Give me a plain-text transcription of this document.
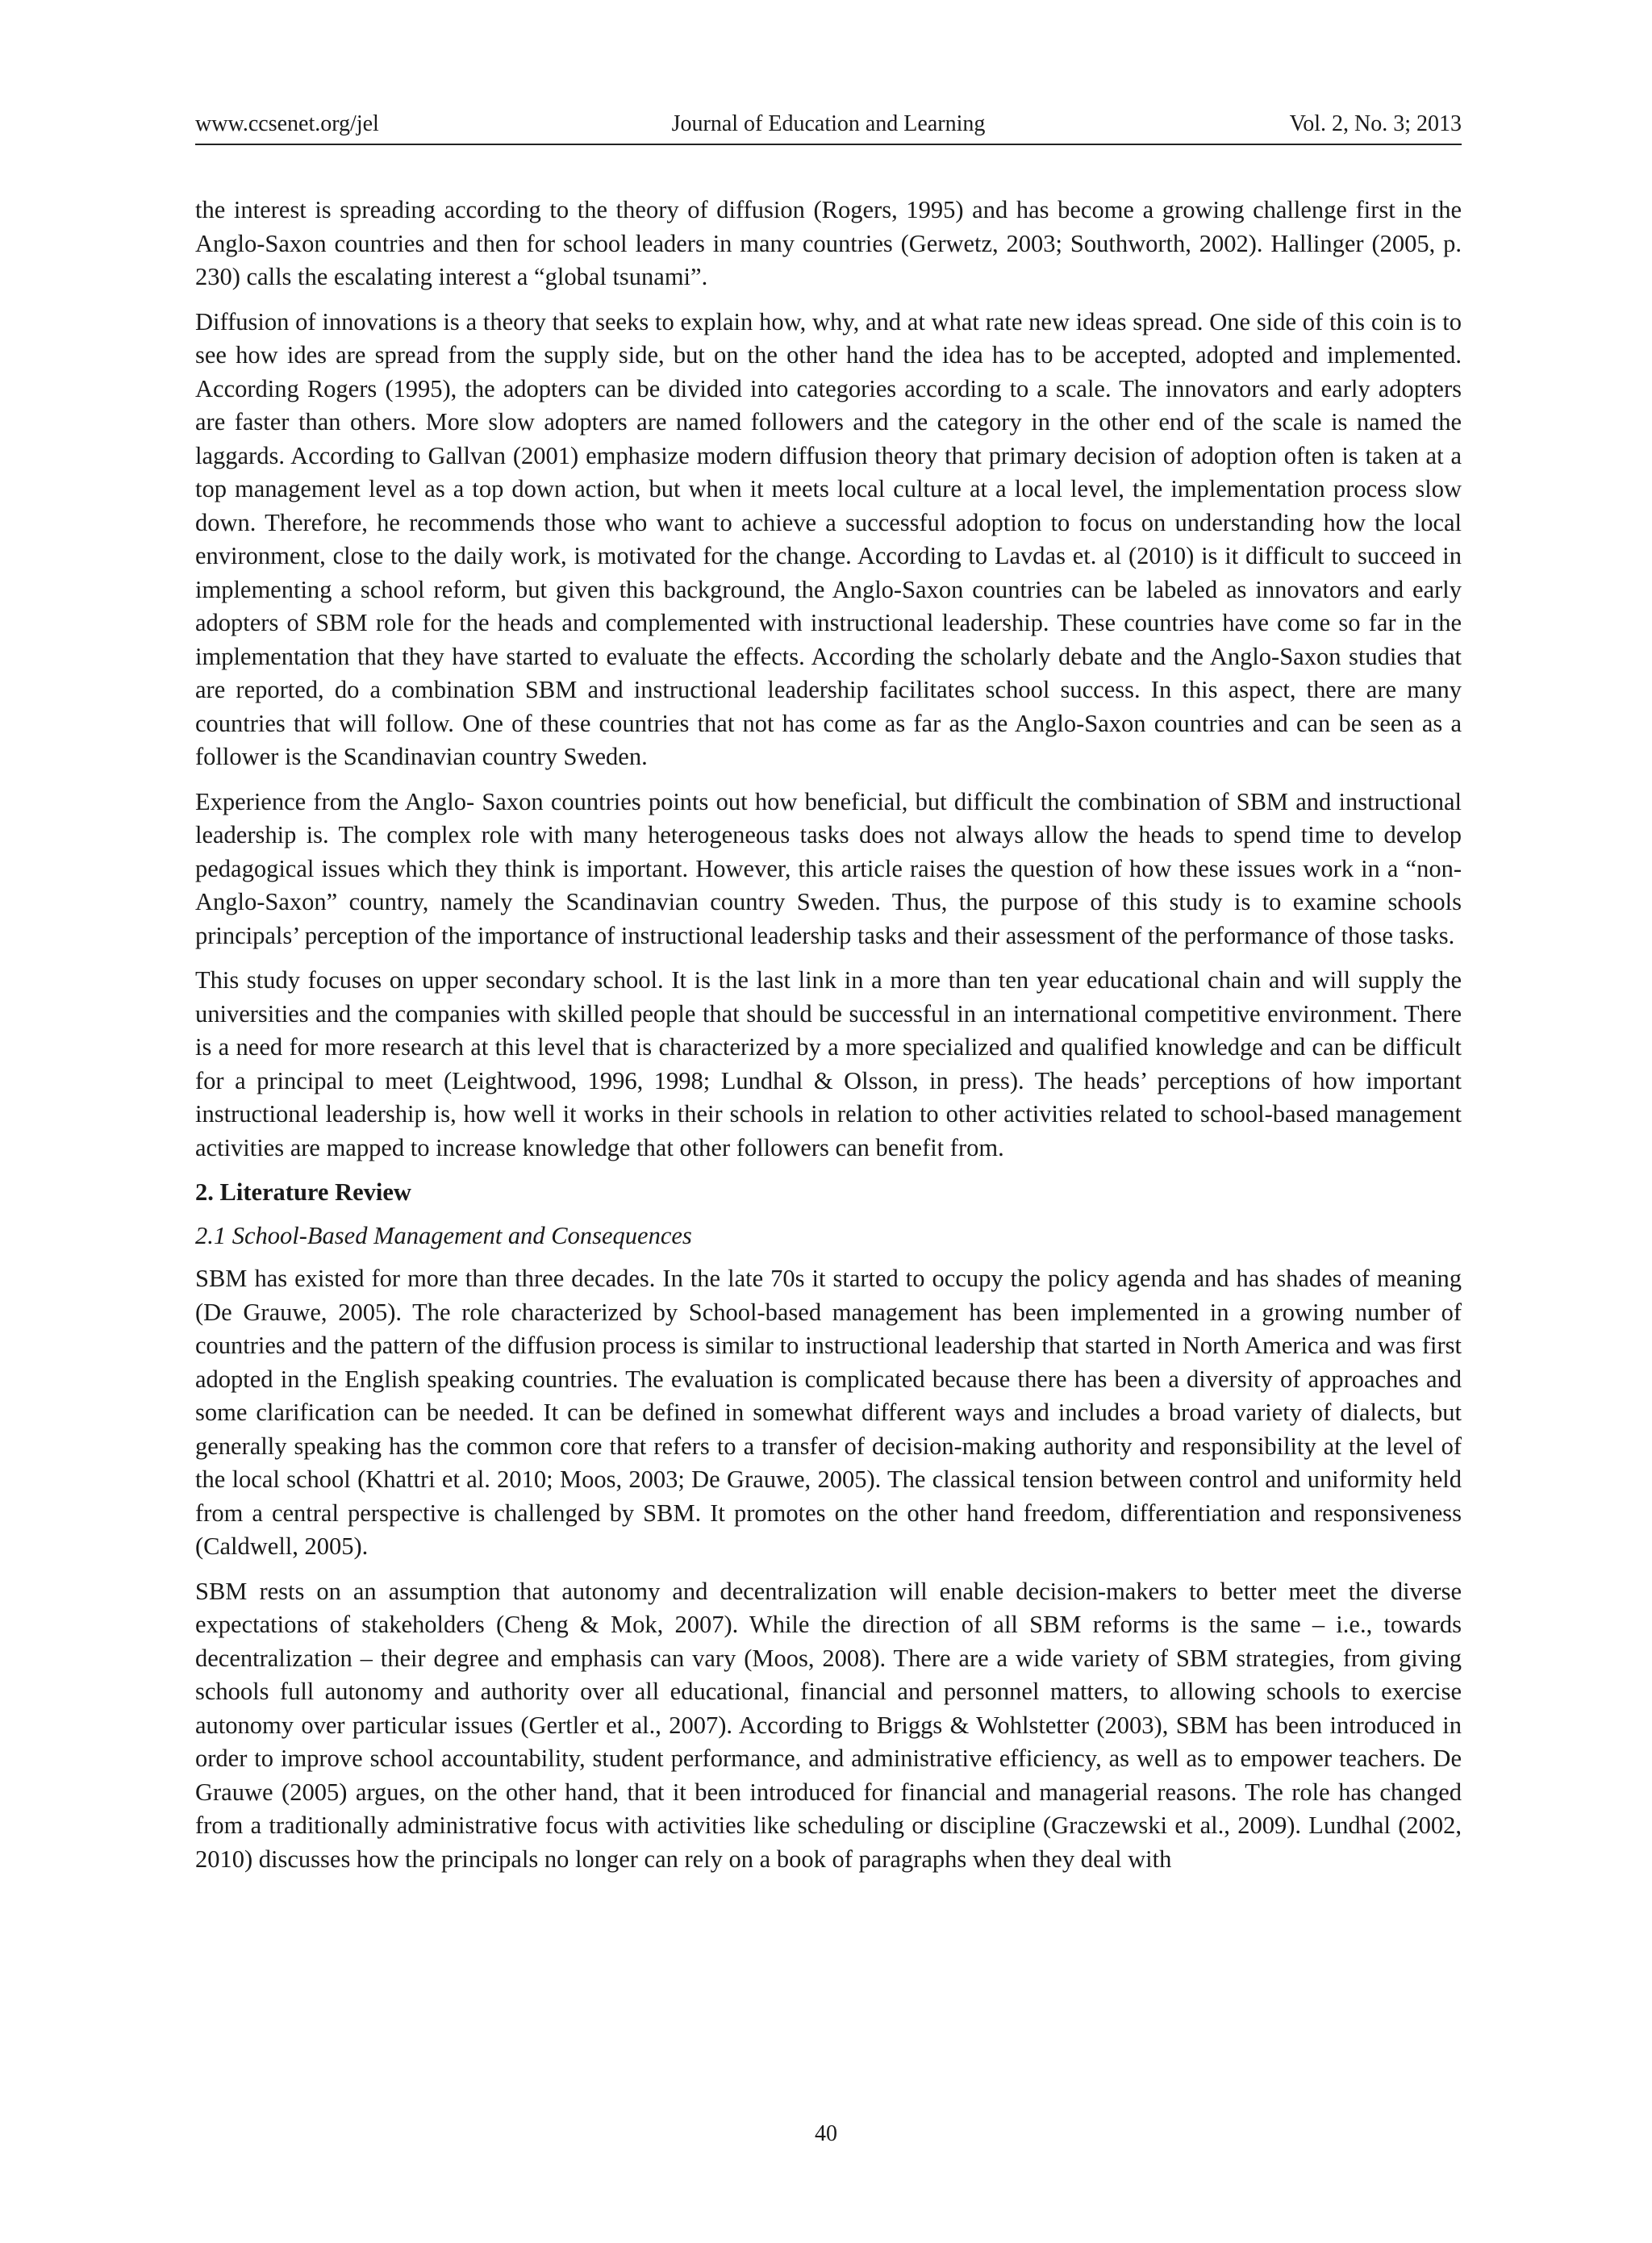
www.ccsenet.org/jel	Journal of Education and Learning	Vol. 2, No. 3; 2013

the interest is spreading according to the theory of diffusion (Rogers, 1995) and has become a growing challenge first in the Anglo-Saxon countries and then for school leaders in many countries (Gerwetz, 2003; Southworth, 2002). Hallinger (2005, p. 230) calls the escalating interest a “global tsunami”.

Diffusion of innovations is a theory that seeks to explain how, why, and at what rate new ideas spread. One side of this coin is to see how ides are spread from the supply side, but on the other hand the idea has to be accepted, adopted and implemented. According Rogers (1995), the adopters can be divided into categories according to a scale. The innovators and early adopters are faster than others. More slow adopters are named followers and the category in the other end of the scale is named the laggards. According to Gallvan (2001) emphasize modern diffusion theory that primary decision of adoption often is taken at a top management level as a top down action, but when it meets local culture at a local level, the implementation process slow down. Therefore, he recommends those who want to achieve a successful adoption to focus on understanding how the local environment, close to the daily work, is motivated for the change. According to Lavdas et. al (2010) is it difficult to succeed in implementing a school reform, but given this background, the Anglo-Saxon countries can be labeled as innovators and early adopters of SBM role for the heads and complemented with instructional leadership. These countries have come so far in the implementation that they have started to evaluate the effects. According the scholarly debate and the Anglo-Saxon studies that are reported, do a combination SBM and instructional leadership facilitates school success. In this aspect, there are many countries that will follow. One of these countries that not has come as far as the Anglo-Saxon countries and can be seen as a follower is the Scandinavian country Sweden.

Experience from the Anglo- Saxon countries points out how beneficial, but difficult the combination of SBM and instructional leadership is. The complex role with many heterogeneous tasks does not always allow the heads to spend time to develop pedagogical issues which they think is important. However, this article raises the question of how these issues work in a “non-Anglo-Saxon” country, namely the Scandinavian country Sweden. Thus, the purpose of this study is to examine schools principals’ perception of the importance of instructional leadership tasks and their assessment of the performance of those tasks.

This study focuses on upper secondary school. It is the last link in a more than ten year educational chain and will supply the universities and the companies with skilled people that should be successful in an international competitive environment. There is a need for more research at this level that is characterized by a more specialized and qualified knowledge and can be difficult for a principal to meet (Leightwood, 1996, 1998; Lundhal & Olsson, in press). The heads’ perceptions of how important instructional leadership is, how well it works in their schools in relation to other activities related to school-based management activities are mapped to increase knowledge that other followers can benefit from.

2. Literature Review
2.1 School-Based Management and Consequences

SBM has existed for more than three decades. In the late 70s it started to occupy the policy agenda and has shades of meaning (De Grauwe, 2005). The role characterized by School-based management has been implemented in a growing number of countries and the pattern of the diffusion process is similar to instructional leadership that started in North America and was first adopted in the English speaking countries. The evaluation is complicated because there has been a diversity of approaches and some clarification can be needed. It can be defined in somewhat different ways and includes a broad variety of dialects, but generally speaking has the common core that refers to a transfer of decision-making authority and responsibility at the level of the local school (Khattri et al. 2010; Moos, 2003; De Grauwe, 2005). The classical tension between control and uniformity held from a central perspective is challenged by SBM. It promotes on the other hand freedom, differentiation and responsiveness (Caldwell, 2005).

SBM rests on an assumption that autonomy and decentralization will enable decision-makers to better meet the diverse expectations of stakeholders (Cheng & Mok, 2007). While the direction of all SBM reforms is the same – i.e., towards decentralization – their degree and emphasis can vary (Moos, 2008). There are a wide variety of SBM strategies, from giving schools full autonomy and authority over all educational, financial and personnel matters, to allowing schools to exercise autonomy over particular issues (Gertler et al., 2007). According to Briggs & Wohlstetter (2003), SBM has been introduced in order to improve school accountability, student performance, and administrative efficiency, as well as to empower teachers. De Grauwe (2005) argues, on the other hand, that it been introduced for financial and managerial reasons. The role has changed from a traditionally administrative focus with activities like scheduling or discipline (Graczewski et al., 2009). Lundhal (2002, 2010) discusses how the principals no longer can rely on a book of paragraphs when they deal with

40
